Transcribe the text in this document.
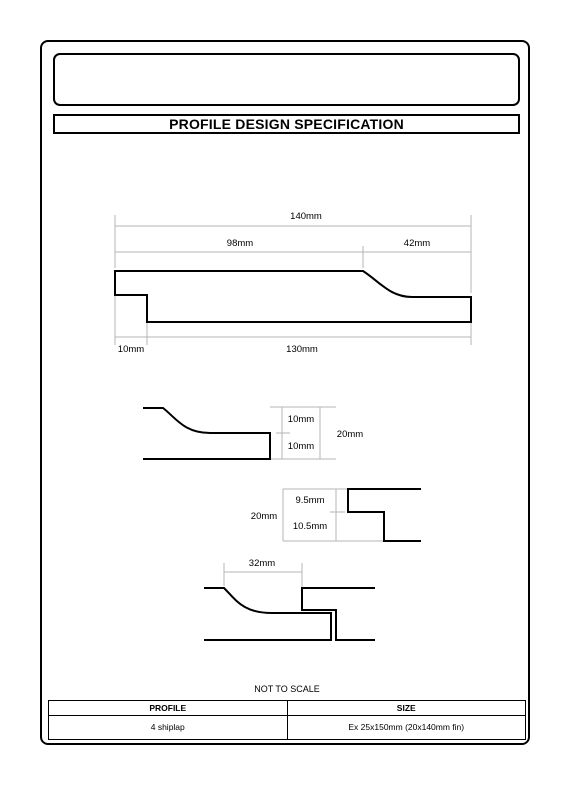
PROFILE DESIGN SPECIFICATION
140mm
98mm	42mm
10mm	130mm
10mm
10mm
20mm
9.5mm
10.5mm
20mm
32mm
NOT TO SCALE
PROFILE	SIZE
4 shiplap	Ex 25x150mm (20x140mm fin)
